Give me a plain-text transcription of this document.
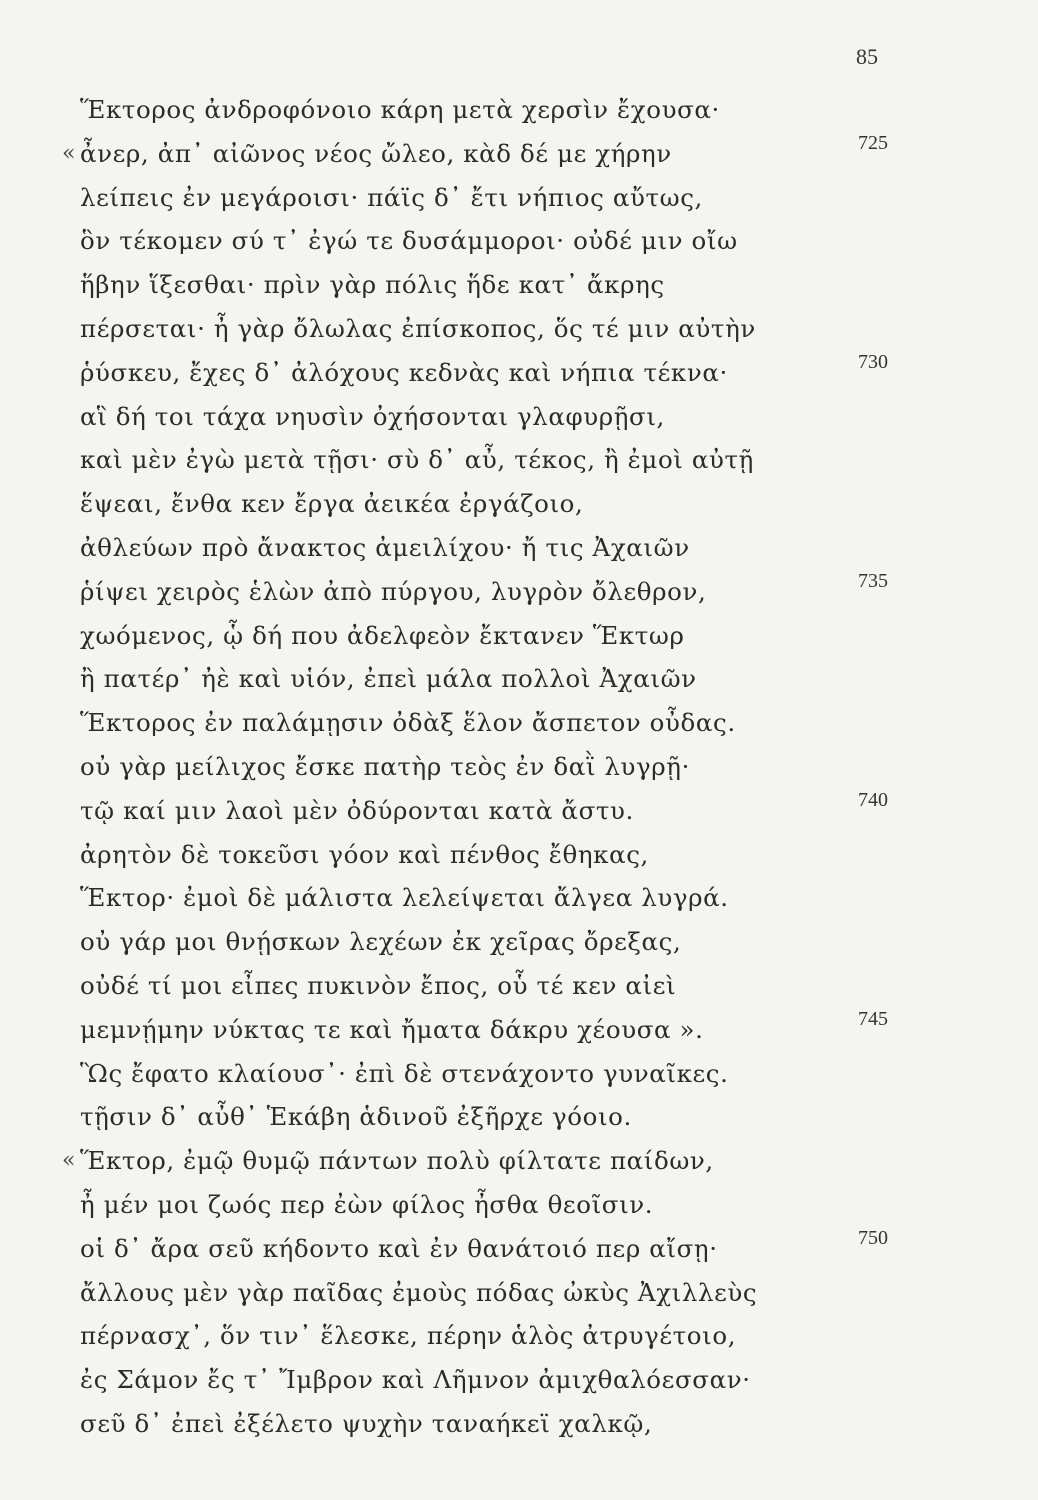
85
Ἕκτορος ἀνδροφόνοιο κάρη μετὰ χερσὶν ἔχουσα·
« ἆνερ, ἀπ᾽ αἰῶνος νέος ὤλεο, κὰδ δέ με χήρην	725
λείπεις ἐν μεγάροισι· πάϊς δ᾽ ἔτι νήπιος αὔτως,
ὃν τέκομεν σύ τ᾽ ἐγώ τε δυσάμμοροι· οὐδέ μιν οἴω
ἥβην ἵξεσθαι· πρὶν γὰρ πόλις ἥδε κατ᾽ ἄκρης
πέρσεται· ἦ γὰρ ὄλωλας ἐπίσκοπος, ὅς τέ μιν αὐτὴν
ῥύσκευ, ἔχες δ᾽ ἀλόχους κεδνὰς καὶ νήπια τέκνα·	730
αἳ δή τοι τάχα νηυσὶν ὀχήσονται γλαφυρῇσι,
καὶ μὲν ἐγὼ μετὰ τῇσι· σὺ δ᾽ αὖ, τέκος, ἢ ἐμοὶ αὐτῇ
ἕψεαι, ἔνθα κεν ἔργα ἀεικέα ἐργάζοιο,
ἀθλεύων πρὸ ἄνακτος ἀμειλίχου· ἤ τις Ἀχαιῶν
ῥίψει χειρὸς ἑλὼν ἀπὸ πύργου, λυγρὸν ὄλεθρον,	735
χωόμενος, ᾧ δή που ἀδελφεὸν ἔκτανεν Ἕκτωρ
ἢ πατέρ᾽ ἠὲ καὶ υἱόν, ἐπεὶ μάλα πολλοὶ Ἀχαιῶν
Ἕκτορος ἐν παλάμῃσιν ὀδὰξ ἕλον ἄσπετον οὖδας.
οὐ γὰρ μείλιχος ἔσκε πατὴρ τεὸς ἐν δαῒ λυγρῇ·
τῷ καί μιν λαοὶ μὲν ὀδύρονται κατὰ ἄστυ.	740
ἀρητὸν δὲ τοκεῦσι γόον καὶ πένθος ἔθηκας,
Ἕκτορ· ἐμοὶ δὲ μάλιστα λελείψεται ἄλγεα λυγρά.
οὐ γάρ μοι θνῄσκων λεχέων ἐκ χεῖρας ὄρεξας,
οὐδέ τί μοι εἶπες πυκινὸν ἔπος, οὗ τέ κεν αἰεὶ
μεμνῄμην νύκτας τε καὶ ἤματα δάκρυ χέουσα ».	745
Ὣς ἔφατο κλαίουσ᾽· ἐπὶ δὲ στενάχοντο γυναῖκες.
τῇσιν δ᾽ αὖθ᾽ Ἑκάβη ἁδινοῦ ἐξῆρχε γόοιο.
« Ἕκτορ, ἐμῷ θυμῷ πάντων πολὺ φίλτατε παίδων,
ἦ μέν μοι ζωός περ ἐὼν φίλος ἦσθα θεοῖσιν.
οἱ δ᾽ ἄρα σεῦ κήδοντο καὶ ἐν θανάτοιό περ αἴσῃ·	750
ἄλλους μὲν γὰρ παῖδας ἐμοὺς πόδας ὠκὺς Ἀχιλλεὺς
πέρνασχ᾽, ὅν τιν᾽ ἕλεσκε, πέρην ἁλὸς ἀτρυγέτοιο,
ἐς Σάμον ἔς τ᾽ Ἴμβρον καὶ Λῆμνον ἀμιχθαλόεσσαν·
σεῦ δ᾽ ἐπεὶ ἐξέλετο ψυχὴν ταναήκεϊ χαλκῷ,
